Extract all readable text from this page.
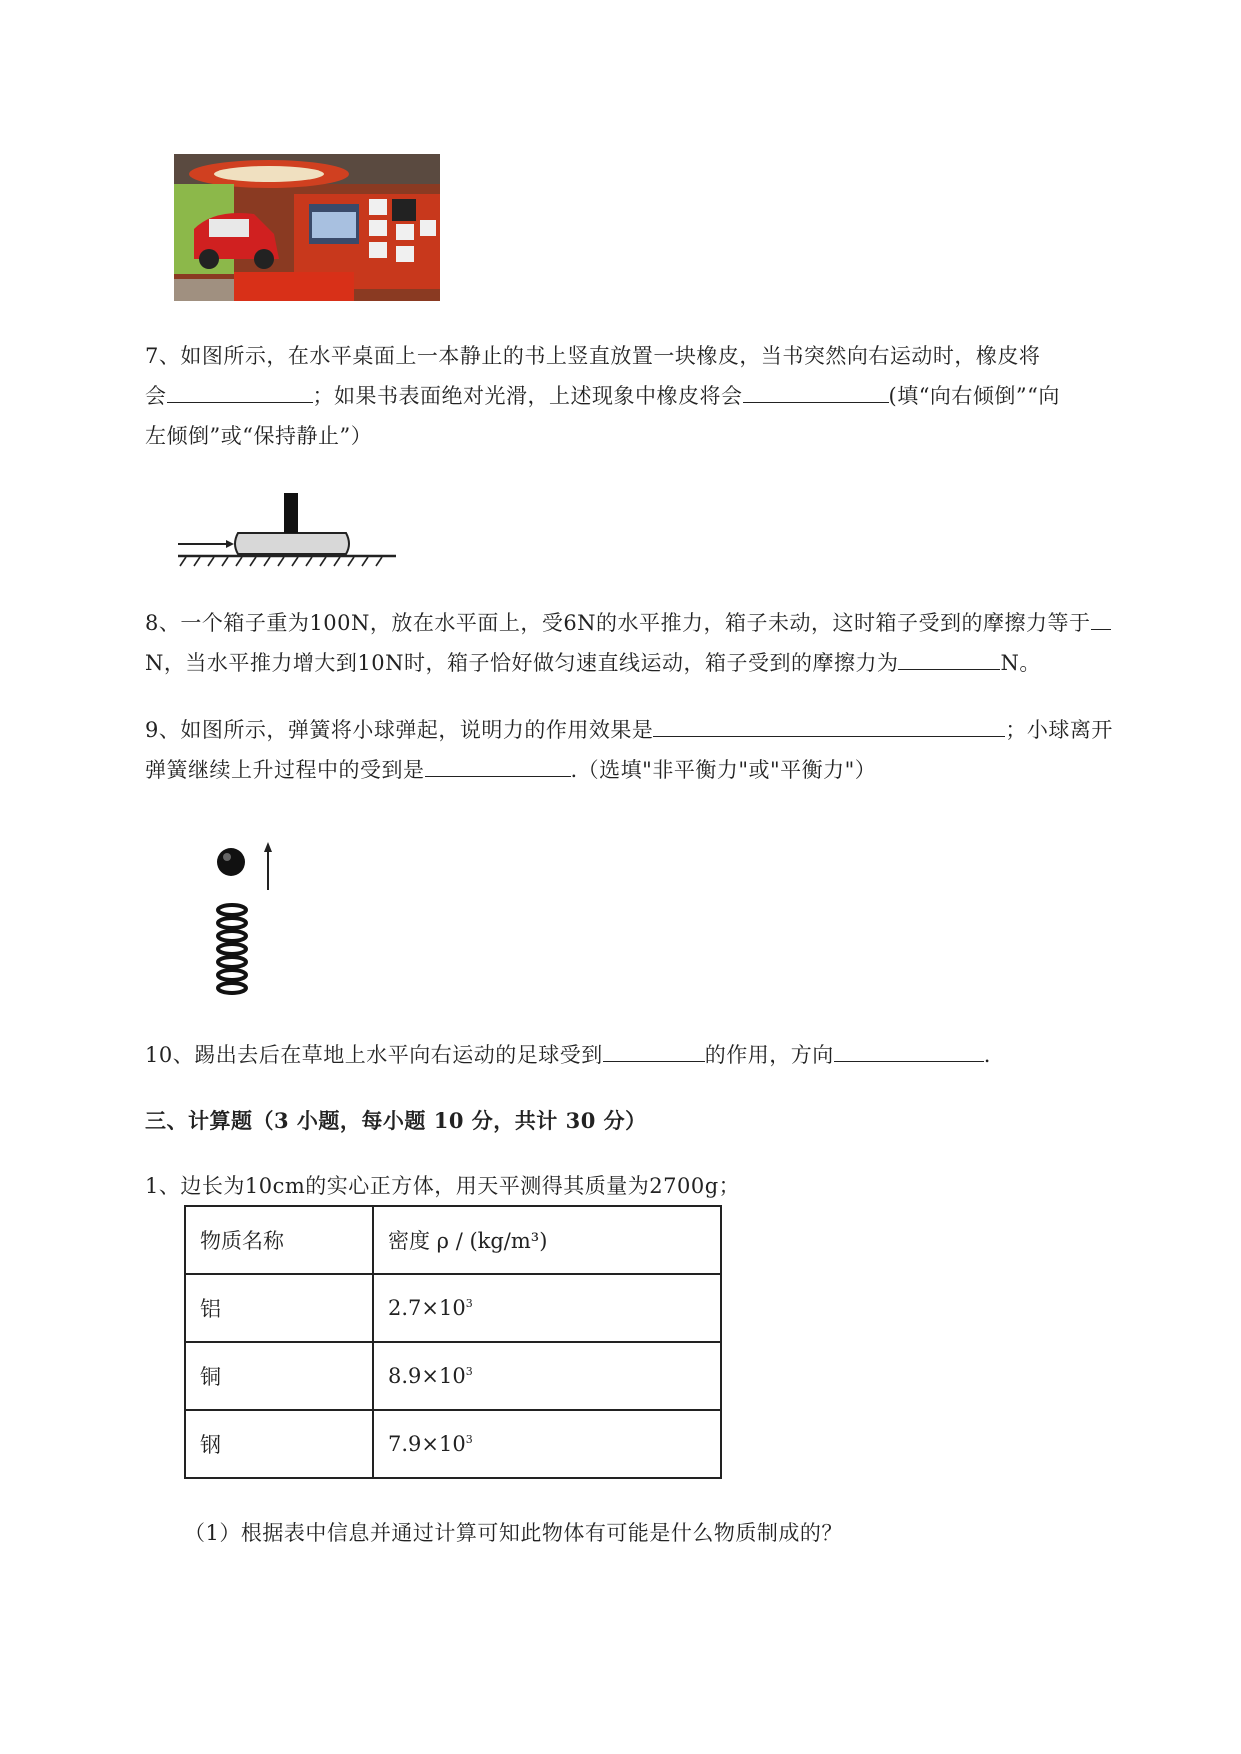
7、如图所示，在水平桌面上一本静止的书上竖直放置一块橡皮，当书突然向右运动时，橡皮将
会	；如果书表面绝对光滑，上述现象中橡皮将会	(填“向右倾倒”“向
左倾倒”或“保持静止”）
8、一个箱子重为100N，放在水平面上，受6N的水平推力，箱子未动，这时箱子受到的摩擦力等于
N，当水平推力增大到10N时，箱子恰好做匀速直线运动，箱子受到的摩擦力为	N。
9、如图所示，弹簧将小球弹起，说明力的作用效果是	；小球离开
弹簧继续上升过程中的受到是	.（选填"非平衡力"或"平衡力"）
10、踢出去后在草地上水平向右运动的足球受到	的作用，方向	.
三、计算题（3 小题，每小题 10 分，共计 30 分）
1、边长为10cm的实心正方体，用天平测得其质量为2700g；
物质名称	密度 ρ / (kg/m³)
铝	$2.7\times 10^3$
铜	$8.9\times 10^3$
钢	$7.9\times 10^3$
（1）根据表中信息并通过计算可知此物体有可能是什么物质制成的？
